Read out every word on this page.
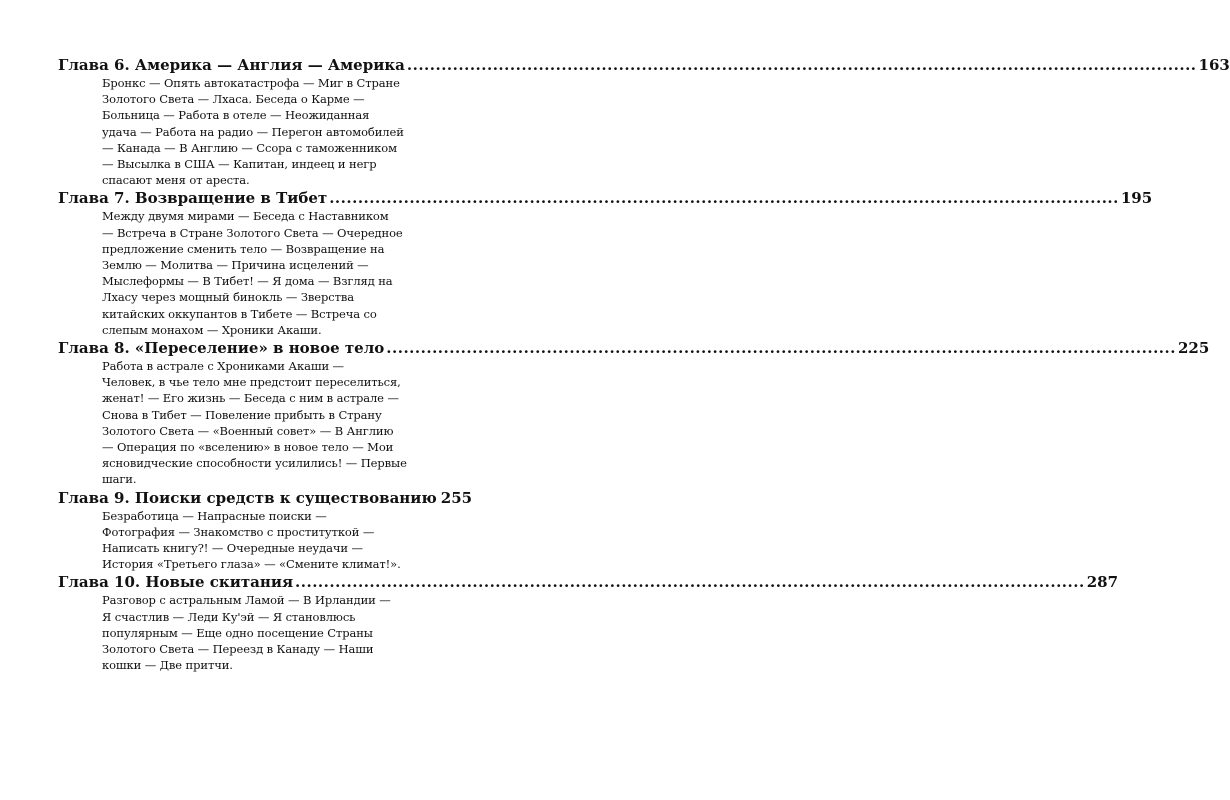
Глава 6. Америка — Англия — Америка .....	163
Бронкс — Опять автокатастрофа — Миг в Стране
Золотого Света — Лхаса. Беседа о Карме —
Больница — Работа в отеле — Неожиданная
удача — Работа на радио — Перегон автомобилей
— Канада — В Англию — Ссора с таможенником
— Высылка в США — Капитан, индеец и негр
спасают меня от ареста.
Глава 7. Возвращение в Тибет .....	195
Между двумя мирами — Беседа с Наставником
— Встреча в Стране Золотого Света — Очередное
предложение сменить тело — Возвращение на
Землю — Молитва — Причина исцелений —
Мыслеформы — В Тибет! — Я дома — Взгляд на
Лхасу через мощный бинокль — Зверства
китайских оккупантов в Тибете — Встреча со
слепым монахом — Хроники Акаши.
Глава 8. «Переселение» в новое тело .....	225
Работа в астрале с Хрониками Акаши —
Человек, в чье тело мне предстоит переселиться,
женат! — Его жизнь — Беседа с ним в астрале —
Снова в Тибет — Повеление прибыть в Страну
Золотого Света — «Военный совет» — В Англию
— Операция по «вселению» в новое тело — Мои
ясновидческие способности усилились! — Первые
шаги.
Глава 9. Поиски средств к существованию 255
Безработица — Напрасные поиски —
Фотография — Знакомство с проституткой —
Написать книгу?! — Очередные неудачи —
История «Третьего глаза» — «Смените климат!».
Глава 10. Новые скитания .....	287
Разговор с астральным Ламой — В Ирландии —
Я счастлив — Леди Ку'эй — Я становлюсь
популярным — Еще одно посещение Страны
Золотого Света — Переезд в Канаду — Наши
кошки — Две притчи.
